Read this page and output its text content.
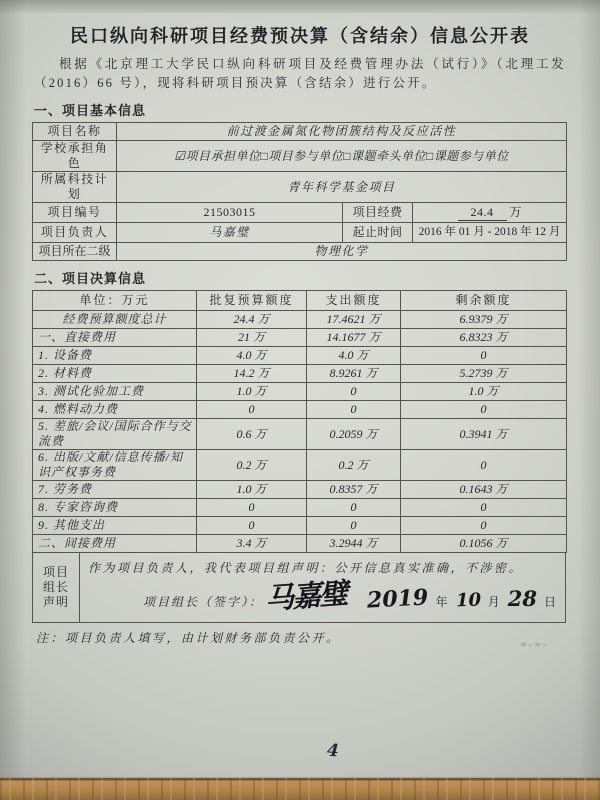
民口纵向科研项目经费预决算（含结余）信息公开表

根据《北京理工大学民口纵向科研项目及经费管理办法（试行）》（北理工发（2016）66 号），现将科研项目预决算（含结余）进行公开。

一、项目基本信息
项目名称	前过渡金属氮化物团簇结构及反应活性		
学校承担角色	☑项目承担单位□项目参与单位□课题牵头单位□课题参与单位		
所属科技计划	青年科学基金项目		
项目编号	21503015	项目经费	24.4 万
项目负责人	马嘉璧	起止时间	2016 年 01 月 - 2018 年 12 月
项目所在二级	物理化学		
二、项目决算信息
单位：万元	批复预算额度	支出额度	剩余额度
经费预算额度总计	24.4 万	17.4621 万	6.9379 万
一、直接费用	21 万	14.1677 万	6.8323 万
1. 设备费	4.0 万	4.0 万	0
2. 材料费	14.2 万	8.9261 万	5.2739 万
3. 测试化验加工费	1.0 万	0	1.0 万
4. 燃料动力费	0	0	0
5. 差旅/会议/国际合作与交流费	0.6 万	0.2059 万	0.3941 万
6. 出版/文献/信息传播/知识产权事务费	0.2 万	0.2 万	0
7. 劳务费	1.0 万	0.8357 万	0.1643 万
8. 专家咨询费	0	0	0
9. 其他支出	0	0	0
二、间接费用	3.4 万	3.2944 万	0.1056 万
项目
组长
声明
作为项目负责人，我代表项目组声明：公开信息真实准确，不涉密。
项目组长（签字）： 马嘉璧 2019 年 10 月 28 日

注：项目负责人填写，由计划财务部负责公开。

4
